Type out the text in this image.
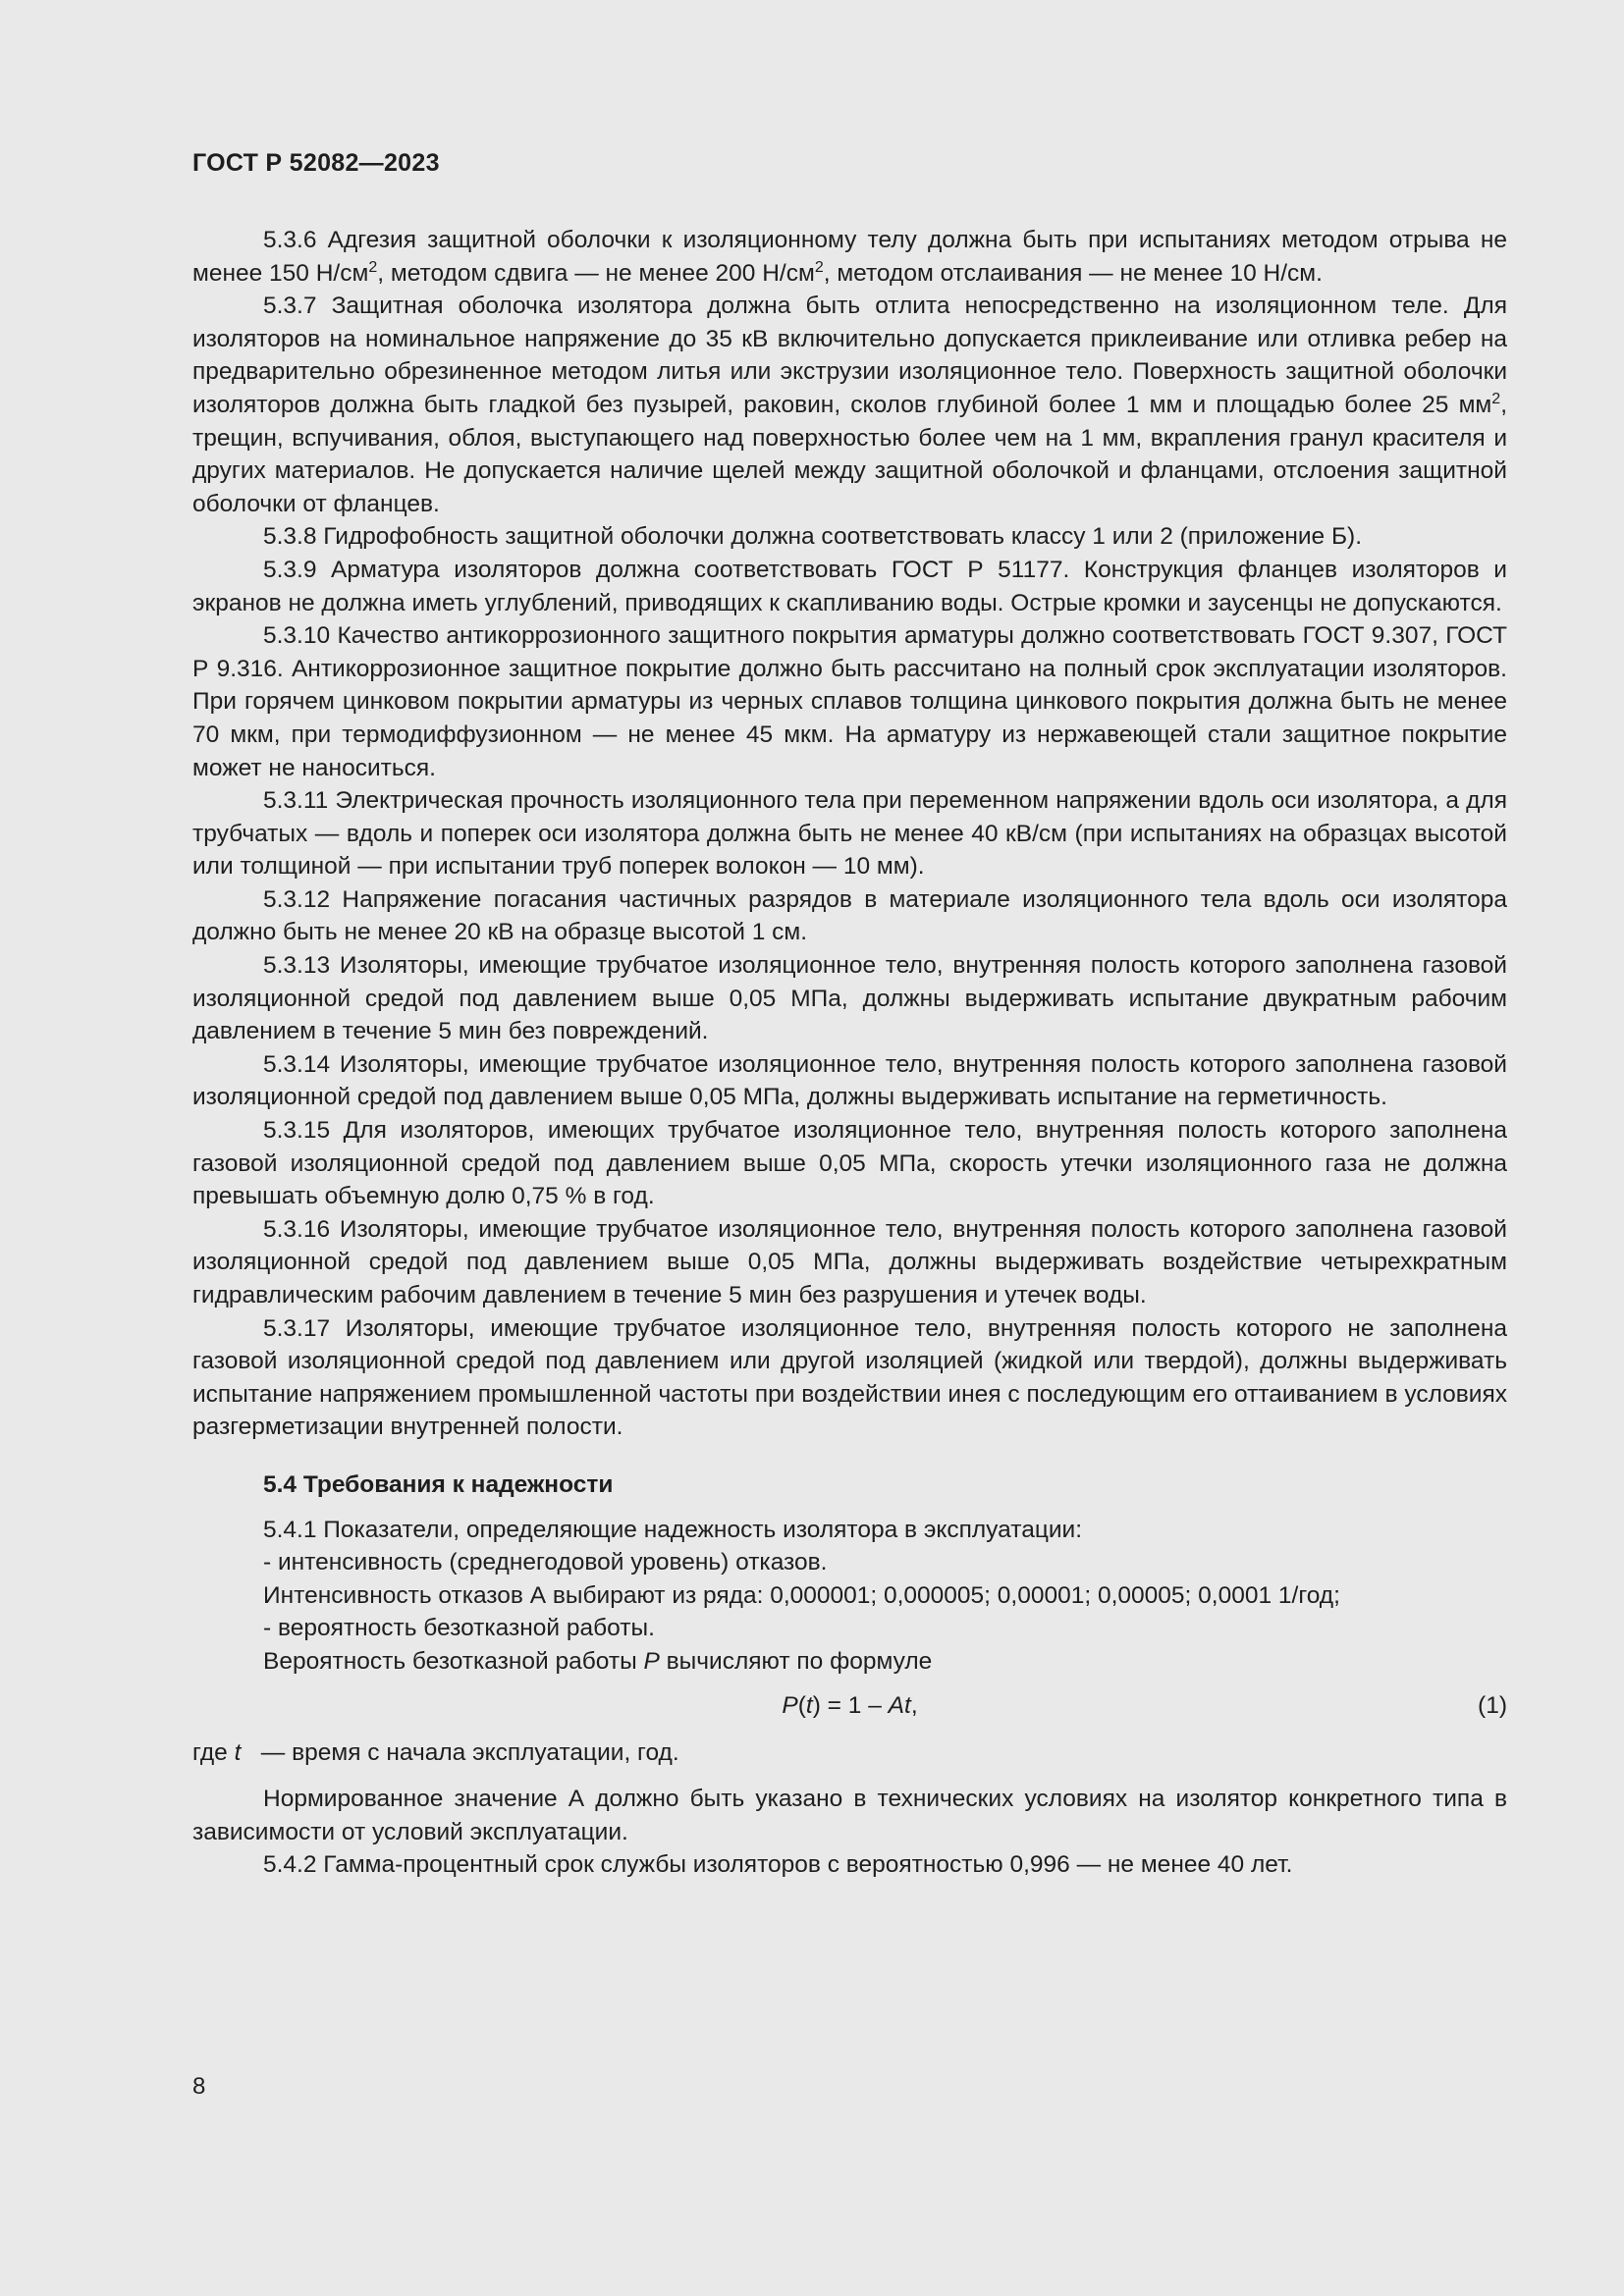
ГОСТ Р 52082—2023

5.3.6 Адгезия защитной оболочки к изоляционному телу должна быть при испытаниях методом отрыва не менее 150 $Н/см^2$, методом сдвига — не менее 200 $Н/см^2$, методом отслаивания — не менее 10 Н/см.

5.3.7 Защитная оболочка изолятора должна быть отлита непосредственно на изоляционном теле. Для изоляторов на номинальное напряжение до 35 кВ включительно допускается приклеивание или отливка ребер на предварительно обрезиненное методом литья или экструзии изоляционное тело. Поверхность защитной оболочки изоляторов должна быть гладкой без пузырей, раковин, сколов глубиной более 1 мм и площадью более 25 $мм^2$, трещин, вспучивания, облоя, выступающего над поверхностью более чем на 1 мм, вкрапления гранул красителя и других материалов. Не допускается наличие щелей между защитной оболочкой и фланцами, отслоения защитной оболочки от фланцев.

5.3.8 Гидрофобность защитной оболочки должна соответствовать классу 1 или 2 (приложение Б).

5.3.9 Арматура изоляторов должна соответствовать ГОСТ Р 51177. Конструкция фланцев изоляторов и экранов не должна иметь углублений, приводящих к скапливанию воды. Острые кромки и заусенцы не допускаются.

5.3.10 Качество антикоррозионного защитного покрытия арматуры должно соответствовать ГОСТ 9.307, ГОСТ Р 9.316. Антикоррозионное защитное покрытие должно быть рассчитано на полный срок эксплуатации изоляторов. При горячем цинковом покрытии арматуры из черных сплавов толщина цинкового покрытия должна быть не менее 70 мкм, при термодиффузионном — не менее 45 мкм. На арматуру из нержавеющей стали защитное покрытие может не наноситься.

5.3.11 Электрическая прочность изоляционного тела при переменном напряжении вдоль оси изолятора, а для трубчатых — вдоль и поперек оси изолятора должна быть не менее 40 кВ/см (при испытаниях на образцах высотой или толщиной — при испытании труб поперек волокон — 10 мм).

5.3.12 Напряжение погасания частичных разрядов в материале изоляционного тела вдоль оси изолятора должно быть не менее 20 кВ на образце высотой 1 см.

5.3.13 Изоляторы, имеющие трубчатое изоляционное тело, внутренняя полость которого заполнена газовой изоляционной средой под давлением выше 0,05 МПа, должны выдерживать испытание двукратным рабочим давлением в течение 5 мин без повреждений.

5.3.14 Изоляторы, имеющие трубчатое изоляционное тело, внутренняя полость которого заполнена газовой изоляционной средой под давлением выше 0,05 МПа, должны выдерживать испытание на герметичность.

5.3.15 Для изоляторов, имеющих трубчатое изоляционное тело, внутренняя полость которого заполнена газовой изоляционной средой под давлением выше 0,05 МПа, скорость утечки изоляционного газа не должна превышать объемную долю 0,75 % в год.

5.3.16 Изоляторы, имеющие трубчатое изоляционное тело, внутренняя полость которого заполнена газовой изоляционной средой под давлением выше 0,05 МПа, должны выдерживать воздействие четырехкратным гидравлическим рабочим давлением в течение 5 мин без разрушения и утечек воды.

5.3.17 Изоляторы, имеющие трубчатое изоляционное тело, внутренняя полость которого не заполнена газовой изоляционной средой под давлением или другой изоляцией (жидкой или твердой), должны выдерживать испытание напряжением промышленной частоты при воздействии инея с последующим его оттаиванием в условиях разгерметизации внутренней полости.

5.4 Требования к надежности

5.4.1 Показатели, определяющие надежность изолятора в эксплуатации:

- интенсивность (среднегодовой уровень) отказов.

Интенсивность отказов А выбирают из ряда: 0,000001; 0,000005; 0,00001; 0,00005; 0,0001 1/год;

- вероятность безотказной работы.

Вероятность безотказной работы P вычисляют по формуле

P(t) = 1 – At,	(1)

где t   — время с начала эксплуатации, год.

Нормированное значение А должно быть указано в технических условиях на изолятор конкретного типа в зависимости от условий эксплуатации.

5.4.2 Гамма-процентный срок службы изоляторов с вероятностью 0,996 — не менее 40 лет.

8
